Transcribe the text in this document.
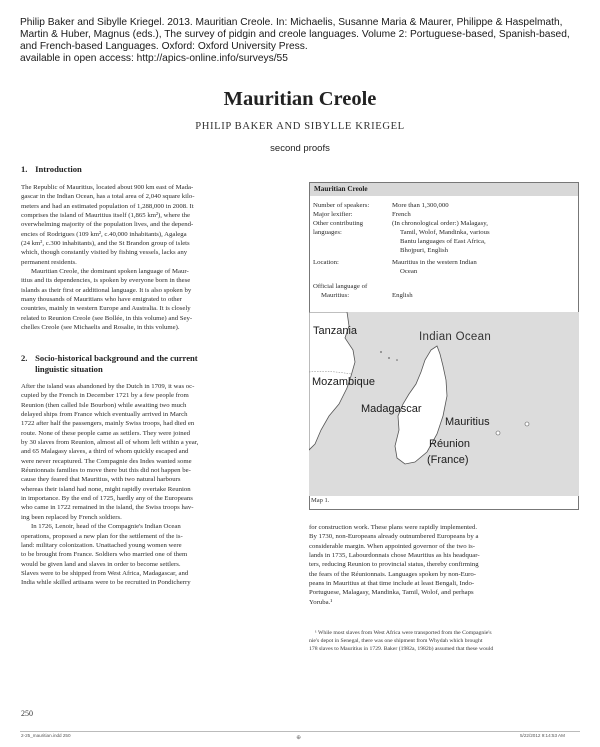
Philip Baker and Sibylle Kriegel. 2013. Mauritian Creole. In: Michaelis, Susanne Maria & Maurer, Philippe & Haspelmath,
Martin & Huber, Magnus (eds.), The survey of pidgin and creole languages. Volume 2: Portuguese-based, Spanish-based,
and French-based Languages. Oxford: Oxford University Press.
available in open access: http://apics-online.info/surveys/55
Mauritian Creole
PHILIP BAKER AND SIBYLLE KRIEGEL
second proofs
1. Introduction

The Republic of Mauritius, located about 900 km east of Mada-
gascar in the Indian Ocean, has a total area of 2,040 square kilo-
meters and had an estimated population of 1,288,000 in 2008. It
comprises the island of Mauritius itself (1,865 km²), where the
overwhelming majority of the population lives, and the depend-
encies of Rodrigues (109 km², c.40,000 inhabitants), Agalega
(24 km², c.300 inhabitants), and the St Brandon group of islets
which, though constantly visited by fishing vessels, lacks any
permanent residents.

Mauritian Creole, the dominant spoken language of Maur-
itius and its dependencies, is spoken by everyone born in these
islands as their first or additional language. It is also spoken by
many thousands of Mauritians who have emigrated to other
countries, mainly in western Europe and Australia. It is closely
related to Reunion Creole (see Bollée, in this volume) and Sey-
chelles Creole (see Michaelis and Rosalie, in this volume).

2. Socio-historical background and the current
linguistic situation

After the island was abandoned by the Dutch in 1709, it was oc-
cupied by the French in December 1721 by a few people from
Reunion (then called Isle Bourbon) while awaiting two much
delayed ships from France which eventually arrived in March
1722 after half the passengers, mainly Swiss troops, had died en
route. None of these people came as settlers. They were joined
by 30 slaves from Reunion, almost all of whom left within a year,
and 65 Malagasy slaves, a third of whom quickly escaped and
were never recaptured. The Compagnie des Indes wanted some
Réunionnais families to move there but this did not happen be-
cause they feared that Mauritius, with two natural harbours
whereas their island had none, might rapidly overtake Reunion
in importance. By the end of 1725, hardly any of the Europeans
who came in 1722 remained in the island, the Swiss troops hav-
ing been replaced by French soldiers.

In 1726, Lenoir, head of the Compagnie's Indian Ocean
operations, proposed a new plan for the settlement of the is-
land: military colonization. Unattached young women were
to be brought from France. Soldiers who married one of them
would be given land and slaves in order to become settlers.
Slaves were to be shipped from West Africa, Madagascar, and
India while skilled artisans were to be recruited in Pondicherry

Mauritian Creole
Number of speakers:	More than 1,300,000
Major lexifier:	French
Other contributing	(In chronological order:) Malagasy,
languages:	Tamil, Wolof, Mandinka, various
Bantu languages of East Africa,
Bhojpuri, English
Location:	Mauritius in the western Indian
Ocean
Official language of
Mauritius:	English
Tanzania	Indian Ocean
Mozambique
Madagascar
Mauritius
Réunion
(France)
Map 1.

for construction work. These plans were rapidly implemented.
By 1730, non-Europeans already outnumbered Europeans by a
considerable margin. When appointed governor of the two is-
lands in 1735, Labourdonnais chose Mauritius as his headquar-
ters, reducing Reunion to provincial status, thereby confirming
the fears of the Réunionnais. Languages spoken by non-Euro-
peans in Mauritius at that time include at least Bengali, Indo-
Portuguese, Malagasy, Mandinka, Tamil, Wolof, and perhaps
Yoruba.¹

¹ While most slaves from West Africa were transported from the Compagnie's
nie's depot in Senegal, there was one shipment from Whydah which brought
178 slaves to Mauritius in 1729. Baker (1982a, 1982b) assumed that these would
250
2-25_mauritian.indd 250	5/22/2012 9:14:53 AM
⊕
